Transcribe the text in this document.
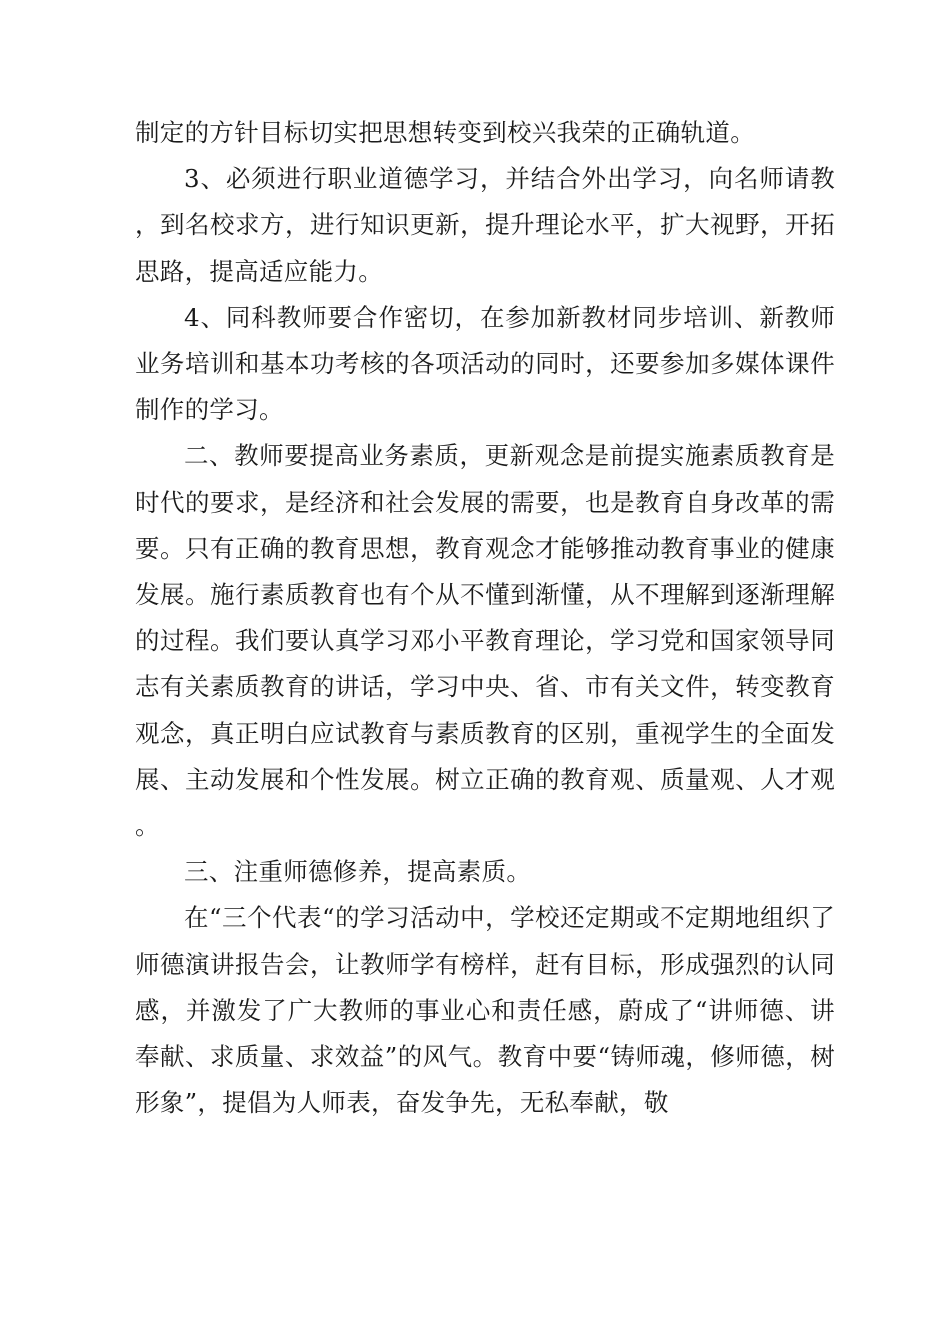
制定的方针目标切实把思想转变到校兴我荣的正确轨道。

3、必须进行职业道德学习，并结合外出学习，向名师请教，到名校求方，进行知识更新，提升理论水平，扩大视野，开拓思路，提高适应能力。

4、同科教师要合作密切，在参加新教材同步培训、新教师业务培训和基本功考核的各项活动的同时，还要参加多媒体课件制作的学习。

二、教师要提高业务素质，更新观念是前提实施素质教育是时代的要求，是经济和社会发展的需要，也是教育自身改革的需要。只有正确的教育思想，教育观念才能够推动教育事业的健康发展。施行素质教育也有个从不懂到渐懂，从不理解到逐渐理解的过程。我们要认真学习邓小平教育理论，学习党和国家领导同志有关素质教育的讲话，学习中央、省、市有关文件，转变教育观念，真正明白应试教育与素质教育的区别，重视学生的全面发展、主动发展和个性发展。树立正确的教育观、质量观、人才观。

三、注重师德修养，提高素质。

在“三个代表“的学习活动中，学校还定期或不定期地组织了师德演讲报告会，让教师学有榜样，赶有目标，形成强烈的认同感，并激发了广大教师的事业心和责任感，蔚成了“讲师德、讲奉献、求质量、求效益”的风气。教育中要“铸师魂，修师德，树形象”，提倡为人师表，奋发争先，无私奉献，敬
